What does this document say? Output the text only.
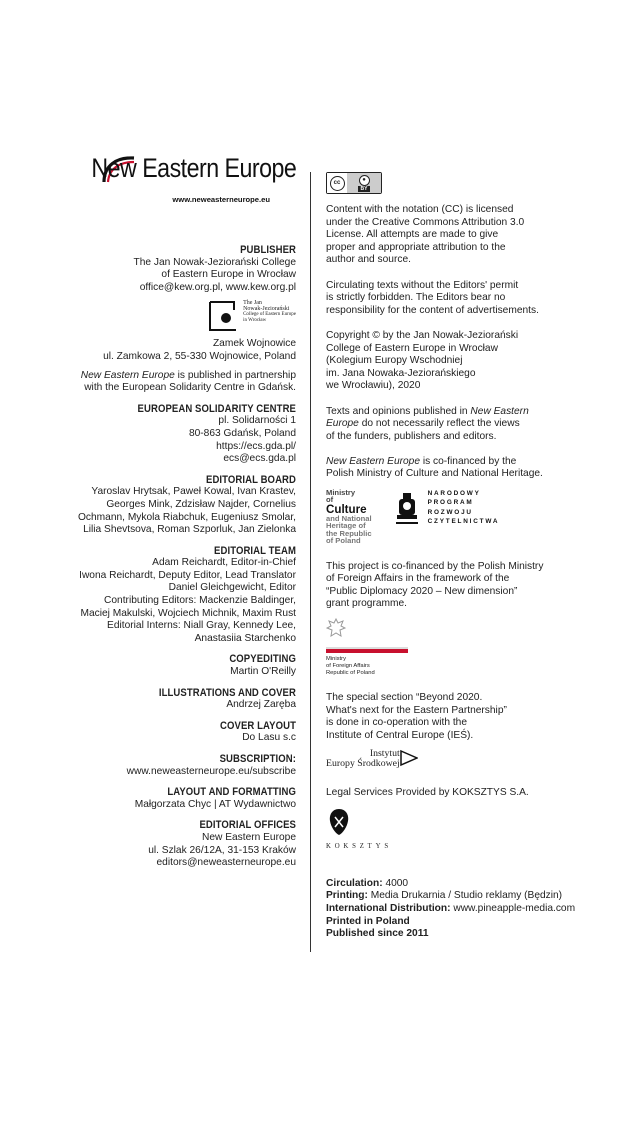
New Eastern Europe
www.neweasterneurope.eu
PUBLISHER
The Jan Nowak-Jeziorański College
of Eastern Europe in Wrocław
office@kew.org.pl, www.kew.org.pl
The Jan
Nowak-Jeziorański
College of Eastern Europe
in Wrocław
Zamek Wojnowice
ul. Zamkowa 2, 55-330 Wojnowice, Poland
New Eastern Europe is published in partnership
with the European Solidarity Centre in Gdańsk.
EUROPEAN SOLIDARITY CENTRE
pl. Solidarności 1
80-863 Gdańsk, Poland
https://ecs.gda.pl/
ecs@ecs.gda.pl
EDITORIAL BOARD
Yaroslav Hrytsak, Paweł Kowal, Ivan Krastev,
Georges Mink, Zdzisław Najder, Cornelius
Ochmann, Mykola Riabchuk, Eugeniusz Smolar,
Lilia Shevtsova, Roman Szporluk, Jan Zielonka
EDITORIAL TEAM
Adam Reichardt, Editor-in-Chief
Iwona Reichardt, Deputy Editor, Lead Translator
Daniel Gleichgewicht, Editor
Contributing Editors: Mackenzie Baldinger,
Maciej Makulski, Wojciech Michnik, Maxim Rust
Editorial Interns: Niall Gray, Kennedy Lee,
Anastasiia Starchenko
COPYEDITING
Martin O'Reilly
ILLUSTRATIONS AND COVER
Andrzej Zaręba
COVER LAYOUT
Do Lasu s.c
SUBSCRIPTION:
www.neweasterneurope.eu/subscribe
LAYOUT AND FORMATTING
Małgorzata Chyc | AT Wydawnictwo
EDITORIAL OFFICES
New Eastern Europe
ul. Szlak 26/12A, 31-153 Kraków
editors@neweasterneurope.eu
cc	●
BY
Content with the notation (CC) is licensed
under the Creative Commons Attribution 3.0
License. All attempts are made to give
proper and appropriate attribution to the
author and source.
Circulating texts without the Editors' permit
is strictly forbidden. The Editors bear no
responsibility for the content of advertisements.
Copyright © by the Jan Nowak-Jeziorański
College of Eastern Europe in Wrocław
(Kolegium Europy Wschodniej
im. Jana Nowaka-Jeziorańskiego
we Wrocławiu), 2020
Texts and opinions published in New Eastern
Europe do not necessarily reflect the views
of the funders, publishers and editors.
New Eastern Europe is co-financed by the
Polish Ministry of Culture and National Heritage.
Ministry
of
Culture
and National
Heritage of
the Republic
of Poland
NARODOWY
PROGRAM
ROZWOJU
CZYTELNICTWA
This project is co-financed by the Polish Ministry
of Foreign Affairs in the framework of the
“Public Diplomacy 2020 – New dimension”
grant programme.
Ministry
of Foreign Affairs
Republic of Poland
The special section “Beyond 2020.
What's next for the Eastern Partnership”
is done in co-operation with the
Institute of Central Europe (IEŚ).
Instytut
Europy Środkowej
Legal Services Provided by KOKSZTYS S.A.
KOKSZTYS
Circulation: 4000
Printing: Media Drukarnia / Studio reklamy (Będzin)
International Distribution: www.pineapple-media.com
Printed in Poland
Published since 2011
